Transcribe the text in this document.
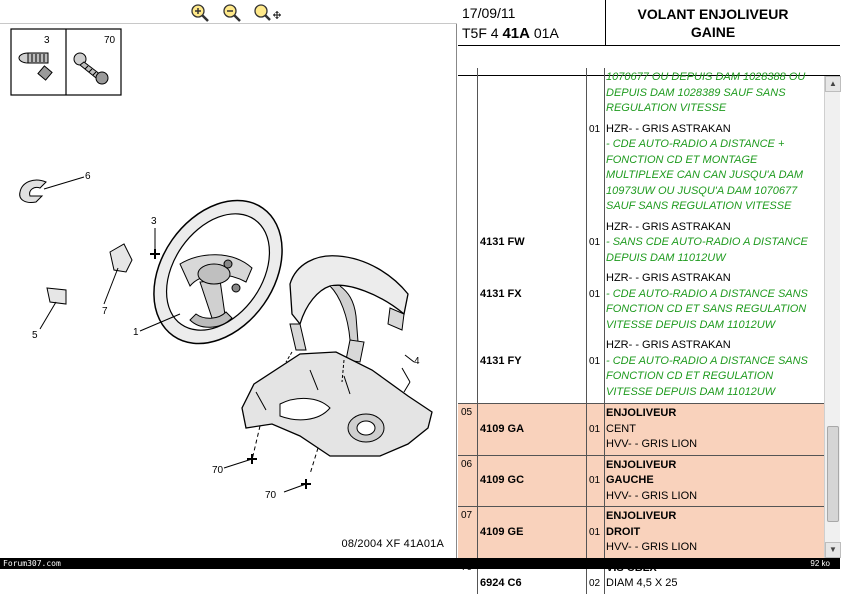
3	70
6
3
7
5	1
4
70
70
08/2004 XF 41A01A
17/09/11
T5F 4 41A 01A
VOLANT ENJOLIVEUR
GAINE
1070677 OU DEPUIS DAM 1028388 OU
DEPUIS DAM 1028389 SAUF SANS
REGULATION VITESSE
01 HZR- - GRIS ASTRAKAN
- CDE AUTO-RADIO A DISTANCE +
FONCTION CD ET MONTAGE
MULTIPLEXE CAN CAN JUSQU'A DAM
10973UW OU JUSQU'A DAM 1070677
SAUF SANS REGULATION VITESSE
4131 FW	01
HZR- - GRIS ASTRAKAN
- SANS CDE AUTO-RADIO A DISTANCE
DEPUIS DAM 11012UW
4131 FX	01
HZR- - GRIS ASTRAKAN
- CDE AUTO-RADIO A DISTANCE SANS
FONCTION CD ET SANS REGULATION
VITESSE DEPUIS DAM 11012UW
4131 FY	01
HZR- - GRIS ASTRAKAN
- CDE AUTO-RADIO A DISTANCE SANS
FONCTION CD ET REGULATION
VITESSE DEPUIS DAM 11012UW
05
4109 GA	01
ENJOLIVEUR
CENT
HVV- - GRIS LION
06
4109 GC	01
ENJOLIVEUR
GAUCHE
HVV- - GRIS LION
07
4109 GE	01
ENJOLIVEUR
DROIT
HVV- - GRIS LION
6924 C6	02 DIAM 4,5 X 25
▲
▼
Forum307.com	92 ko
